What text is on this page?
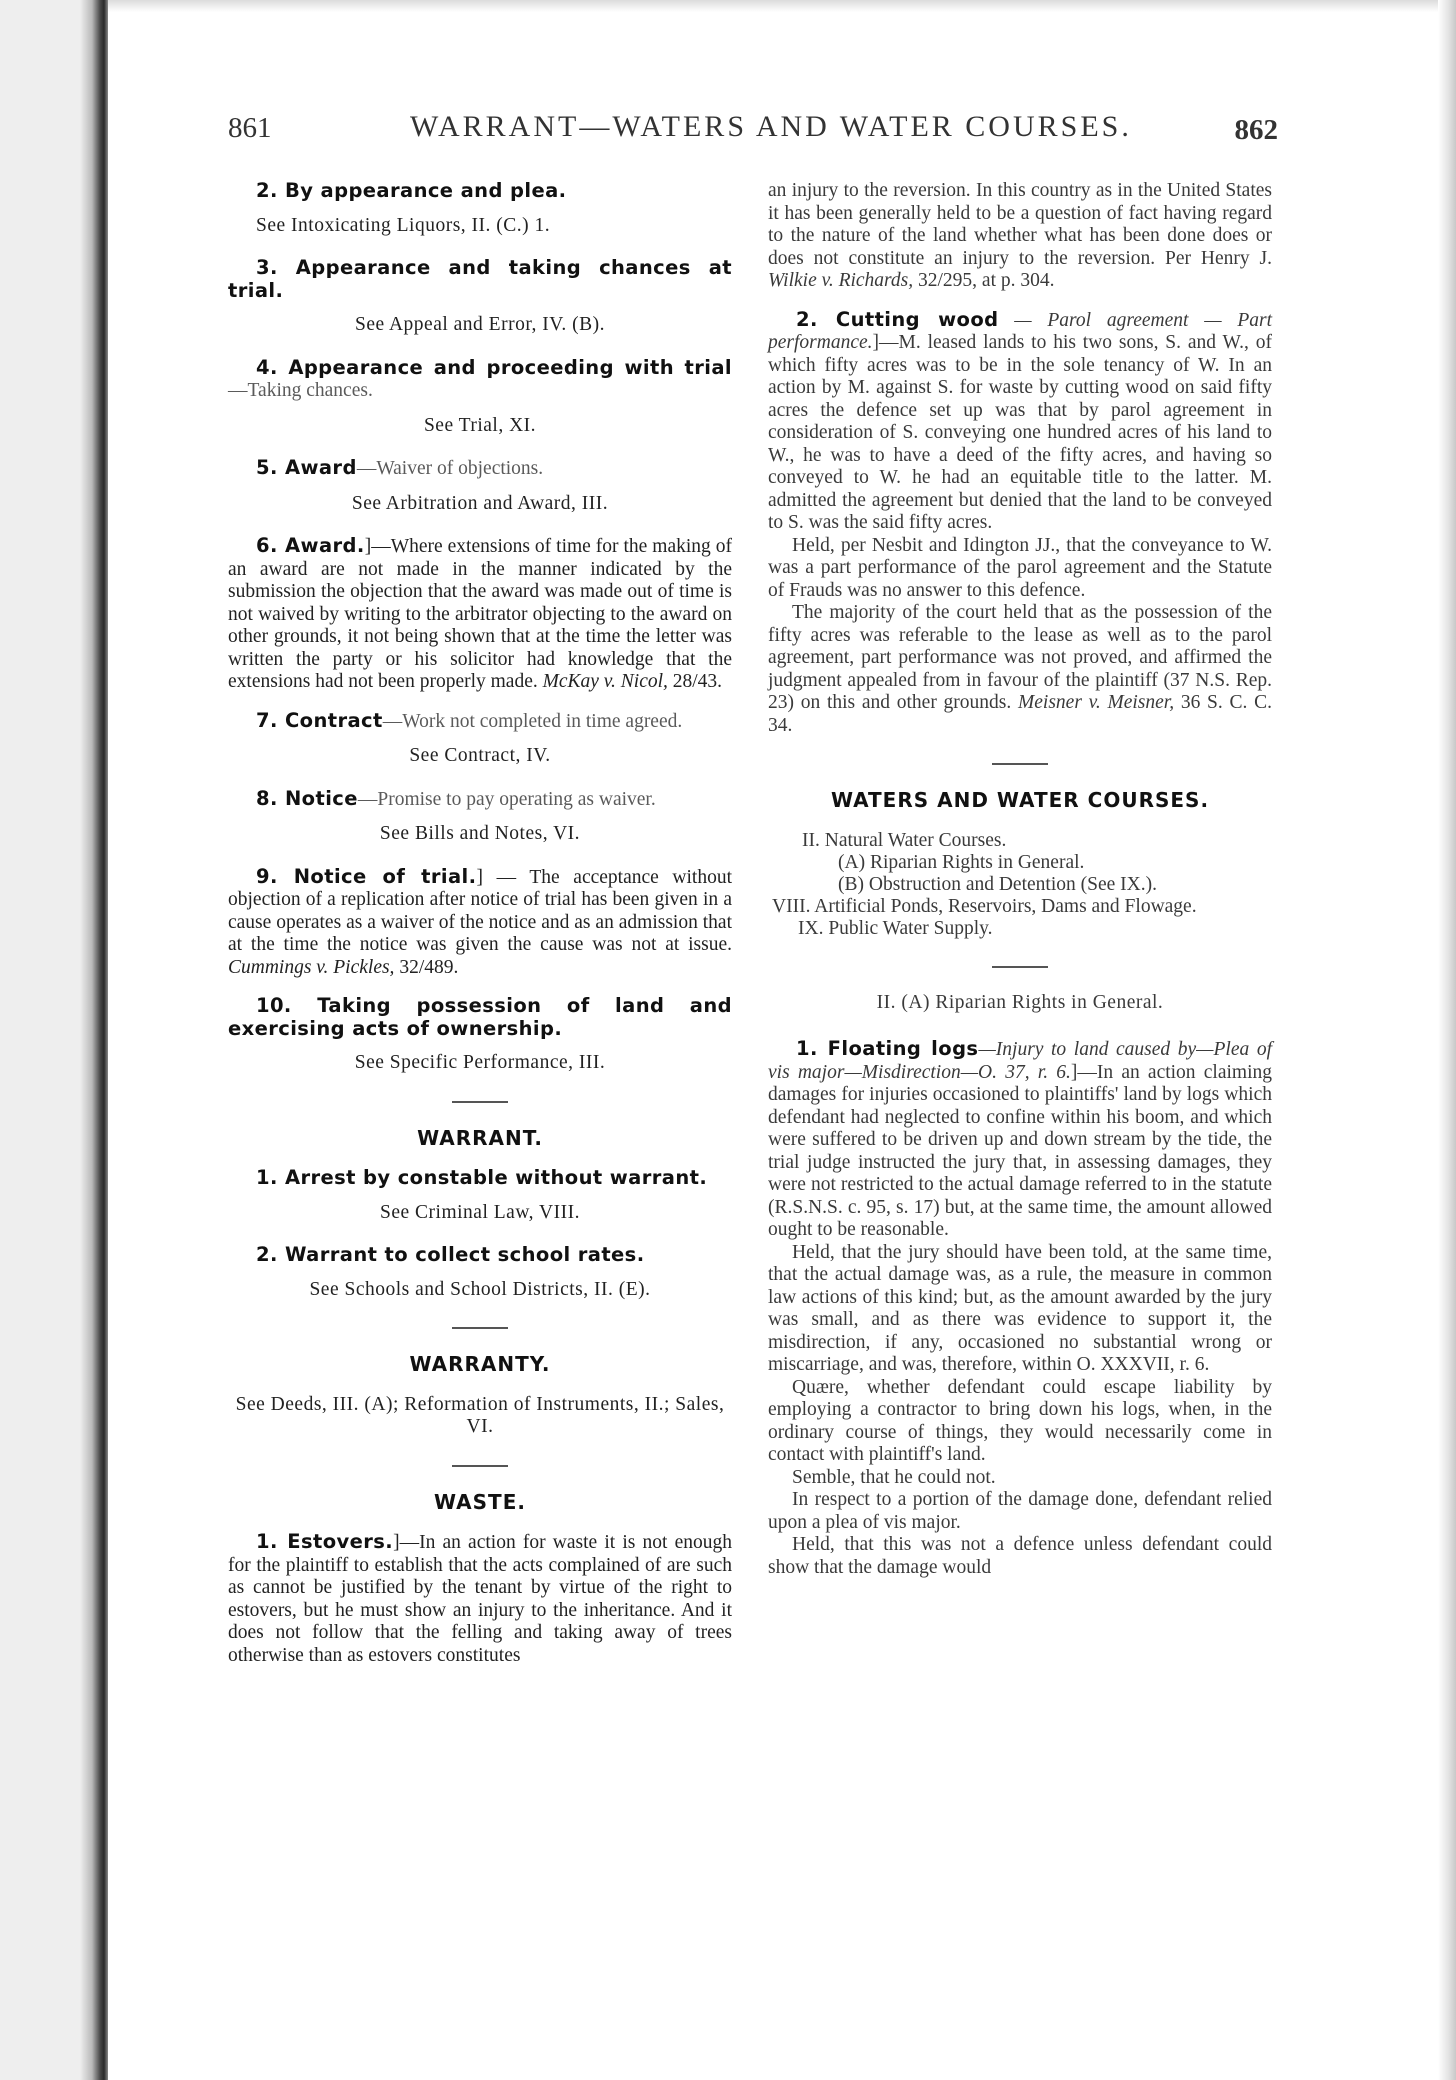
861	WARRANT—WATERS AND WATER COURSES.	862
2. By appearance and plea.
See Intoxicating Liquors, II. (C.) 1.
3. Appearance and taking chances at trial.
See Appeal and Error, IV. (B).
4. Appearance and proceeding with trial—Taking chances.
See Trial, XI.
5. Award—Waiver of objections.
See Arbitration and Award, III.
6. Award.]—Where extensions of time for the making of an award are not made in the manner indicated by the submission the objection that the award was made out of time is not waived by writing to the arbitrator objecting to the award on other grounds, it not being shown that at the time the letter was written the party or his solicitor had knowledge that the extensions had not been properly made. McKay v. Nicol, 28/43.
7. Contract—Work not completed in time agreed.
See Contract, IV.
8. Notice—Promise to pay operating as waiver.
See Bills and Notes, VI.
9. Notice of trial.] — The acceptance without objection of a replication after notice of trial has been given in a cause operates as a waiver of the notice and as an admission that at the time the notice was given the cause was not at issue. Cummings v. Pickles, 32/489.
10. Taking possession of land and exercising acts of ownership.
See Specific Performance, III.
WARRANT.
1. Arrest by constable without warrant.
See Criminal Law, VIII.
2. Warrant to collect school rates.
See Schools and School Districts, II. (E).
WARRANTY.
See Deeds, III. (A); Reformation of Instruments, II.; Sales, VI.
WASTE.
1. Estovers.]—In an action for waste it is not enough for the plaintiff to establish that the acts complained of are such as cannot be justified by the tenant by virtue of the right to estovers, but he must show an injury to the inheritance. And it does not follow that the felling and taking away of trees otherwise than as estovers constitutes
an injury to the reversion. In this country as in the United States it has been generally held to be a question of fact having regard to the nature of the land whether what has been done does or does not constitute an injury to the reversion. Per Henry J. Wilkie v. Richards, 32/295, at p. 304.
2. Cutting wood — Parol agreement — Part performance.]—M. leased lands to his two sons, S. and W., of which fifty acres was to be in the sole tenancy of W. In an action by M. against S. for waste by cutting wood on said fifty acres the defence set up was that by parol agreement in consideration of S. conveying one hundred acres of his land to W., he was to have a deed of the fifty acres, and having so conveyed to W. he had an equitable title to the latter. M. admitted the agreement but denied that the land to be conveyed to S. was the said fifty acres.

Held, per Nesbit and Idington JJ., that the conveyance to W. was a part performance of the parol agreement and the Statute of Frauds was no answer to this defence.

The majority of the court held that as the possession of the fifty acres was referable to the lease as well as to the parol agreement, part performance was not proved, and affirmed the judgment appealed from in favour of the plaintiff (37 N.S. Rep. 23) on this and other grounds. Meisner v. Meisner, 36 S. C. C. 34.

WATERS AND WATER COURSES.
II. Natural Water Courses.
(A) Riparian Rights in General.
(B) Obstruction and Detention (See IX.).
VIII. Artificial Ponds, Reservoirs, Dams and Flowage.
IX. Public Water Supply.
II. (A) Riparian Rights in General.
1. Floating logs—Injury to land caused by—Plea of vis major—Misdirection—O. 37, r. 6.]—In an action claiming damages for injuries occasioned to plaintiffs' land by logs which defendant had neglected to confine within his boom, and which were suffered to be driven up and down stream by the tide, the trial judge instructed the jury that, in assessing damages, they were not restricted to the actual damage referred to in the statute (R.S.N.S. c. 95, s. 17) but, at the same time, the amount allowed ought to be reasonable.

Held, that the jury should have been told, at the same time, that the actual damage was, as a rule, the measure in common law actions of this kind; but, as the amount awarded by the jury was small, and as there was evidence to support it, the misdirection, if any, occasioned no substantial wrong or miscarriage, and was, therefore, within O. XXXVII, r. 6.

Quære, whether defendant could escape liability by employing a contractor to bring down his logs, when, in the ordinary course of things, they would necessarily come in contact with plaintiff's land.

Semble, that he could not.

In respect to a portion of the damage done, defendant relied upon a plea of vis major.

Held, that this was not a defence unless defendant could show that the damage would
